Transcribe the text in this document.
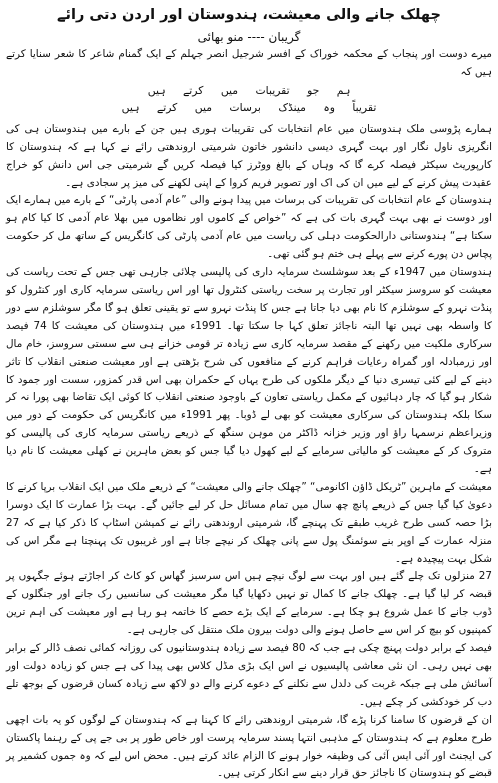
چھلک جانے والی معیشت، ہندوستان اور اردن دتی رائے
گریبان ---- منو بھائی
میرے دوست اور پنجاب کے محکمہ خوراک کے افسر شرجیل انصر جہلم کے ایک گمنام شاعر کا شعر سنایا کرتے ہیں کہ
ہم جو تقریبات میں کرتے ہیں
تقریباً وہ مینڈک برسات میں کرتے ہیں
ہمارے پڑوسی ملک ہندوستان میں عام انتخابات کی تقریبات ہوری ہیں جن کے بارے میں ہندوستان ہی کی انگریزی ناول نگار اور بہت گہری دیسی دانشور خاتون شرمیتی اروندھتی رائے نے کہا ہے کہ ہندوستان کا کارپوریٹ سیکٹر فیصلہ کرے گا کہ وہاں کے بالغ ووٹرز کیا فیصلہ کریں گے شرمیتی جی اس دانش کو خراج عقیدت پیش کرنے کے لیے میں ان کی اک اور تصویر فریم کروا کے اپنی لکھنے کی میز پر سجادی ہے۔
ہندوستان کے عام انتخابات کی تقریبات کی برسات میں پیدا ہونے والی ”عام آدمی پارٹی“ کے بارے میں ہمارے ایک اور دوست نے بھی بہت گہری بات کی ہے کہ ”خواص کے کاموں اور نظاموں میں بھلا عام آدمی کا کیا کام ہو سکتا ہے“ ہندوستانی دارالحکومت دہلی کی ریاست میں عام آدمی پارٹی کی کانگریس کے ساتھ مل کر حکومت پچاس دن پورے کرنے سے پہلے ہی ختم ہو گئی تھی۔
ہندوستان میں 1947ء کے بعد سوشلسٹ سرمایہ داری کی پالیسی چلائی جارہی تھی جس کے تحت ریاست کی معیشت کو سروسز سیکٹر اور تجارت پر سخت ریاستی کنٹرول تھا اور اس ریاستی سرمایہ کاری اور کنٹرول کو پنڈت نہرو کے سوشلزم کا نام بھی دیا جاتا ہے جس کا پنڈت نہرو سے تو یقینی تعلق ہو گا مگر سوشلزم سے دور کا واسطہ بھی نہیں تھا البتہ ناجائز تعلق کہا جا سکتا تھا۔ 1991ء میں ہندوستان کی معیشت کا 74 فیصد سرکاری ملکیت میں رکھنے کے مقصد سرمایہ کاری سے زیادہ تر قومی خزانے ہی سے سستی سروسز، خام مال اور زرمبادلہ اور گمراہ رعایات فراہم کرنے کے منافعوں کی شرح بڑھتی ہے اور معیشت صنعتی انقلاب کا تاثر دینے کے لیے کئی تیسری دنیا کے دیگر ملکوں کی طرح یہاں کے حکمران بھی اس قدر کمزور، سست اور جمود کا شکار ہو گیا کہ چار دہائیوں کے مکمل ریاستی تعاون کے باوجود صنعتی انقلاب کا کوئی ایک تقاضا بھی پورا نہ کر سکا بلکہ ہندوستان کی سرکاری معیشت کو بھی لے ڈوبا۔ پھر 1991ء میں کانگریس کی حکومت کے دور میں وزیراعظم نرسمہا راؤ اور وزیر خزانہ ڈاکٹر من موہن سنگھ کے ذریعے ریاستی سرمایہ کاری کی پالیسی کو متروک کر کے معیشت کو مالیاتی سرمایے کے لیے کھول دیا گیا جس کو بعض ماہرین نے کھلی معیشت کا نام دیا ہے۔
معیشت کے ماہرین ”ٹریکل ڈاؤن اکانومی“ ”چھلک جانے والی معیشت“ کے ذریعے ملک میں ایک انقلاب برپا کرنے کا دعویٰ کیا گیا جس کے ذریعے پانچ چھ سال میں تمام مسائل حل کر لیے جائیں گے۔ بہت بڑا عمارت کا ایک دوسرا بڑا حصہ کسی طرح غریب طبقے تک پہنچے گا، شرمیتی اروندھتی رائے نے کمیشن اسٹاپ کا ذکر کیا ہے کہ 27 منزلہ عمارت کے اوپر بنے سوئمنگ پول سے پانی چھلک کر نیچے جاتا ہے اور غریبوں تک پہنچتا ہے مگر اس کی شکل بہت پیچیدہ ہے۔
27 منزلوں تک چلے گئے ہیں اور بہت سے لوگ نیچے ہیں اس سرسبز گھاس کو کاٹ کر اجاڑتے ہوئے جگہوں پر قبضہ کر لیا گیا ہے۔ چھلک جانے کا کمال تو نہیں دکھایا گیا مگر معیشت کی سانسیں رک جانے اور جنگلوں کے ڈوب جانے کا عمل شروع ہو چکا ہے۔ سرمایے کے ایک بڑے حصے کا خاتمہ ہو رہا ہے اور معیشت کی اہم ترین کمپنیوں کو بیچ کر اس سے حاصل ہونے والی دولت بیرون ملک منتقل کی جارہی ہے۔
فیصد کے برابر دولت پہنچ چکی ہے جب کہ 80 فیصد سے زیادہ ہندوستانیوں کی روزانہ کمائی نصف ڈالر کے برابر بھی نہیں رہی۔ ان نئی معاشی پالیسیوں نے اس ایک بڑی مڈل کلاس بھی پیدا کی ہے جس کو زیادہ دولت اور آسائش ملی ہے جبکہ غربت کی دلدل سے نکلنے کے دعوے کرنے والے دو لاکھ سے زیادہ کسان قرضوں کے بوجھ تلے دب کر خودکشی کر چکے ہیں۔
ان کے قرضوں کا سامنا کرنا پڑے گا، شرمیتی اروندھتی رائے کا کہنا ہے کہ ہندوستان کے لوگوں کو یہ بات اچھی طرح معلوم ہے کہ ہندوستان کے مذہبی انتہا پسند سرمایہ پرست اور خاص طور پر بی جے پی کے رہنما پاکستان کی ایجنٹ اور آئی ایس آئی کی وظیفہ خوار ہونے کا الزام عائد کرتے ہیں۔ محض اس لیے کہ وہ جموں کشمیر پر قبضے کو ہندوستان کا ناجائز حق قرار دینے سے انکار کرتی ہیں۔
